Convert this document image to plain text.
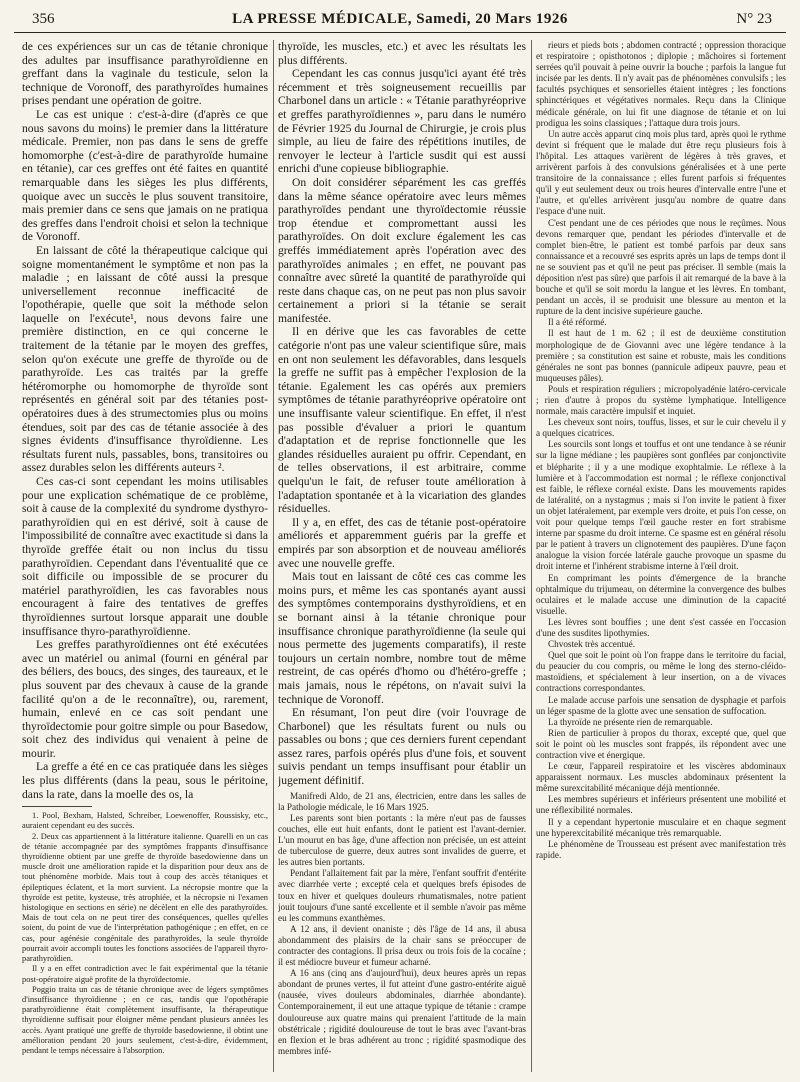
356	LA PRESSE MÉDICALE, Samedi, 20 Mars 1926	N° 23

de ces expériences sur un cas de tétanie chronique des adultes par insuffisance parathyroïdienne en greffant dans la vaginale du testicule, selon la technique de Voronoff, des parathyroïdes humaines prises pendant une opération de goitre.

Le cas est unique : c'est-à-dire (d'après ce que nous savons du moins) le premier dans la littérature médicale. Premier, non pas dans le sens de greffe homomorphe (c'est-à-dire de parathyroïde humaine en tétanie), car ces greffes ont été faites en quantité remarquable dans les sièges les plus différents, quoique avec un succès le plus souvent transitoire, mais premier dans ce sens que jamais on ne pratiqua des greffes dans l'endroit choisi et selon la technique de Voronoff.

En laissant de côté la thérapeutique calcique qui soigne momentanément le symptôme et non pas la maladie ; en laissant de côté aussi la presque universellement reconnue inefficacité de l'opothérapie, quelle que soit la méthode selon laquelle on l'exécute¹, nous devons faire une première distinction, en ce qui concerne le traitement de la tétanie par le moyen des greffes, selon qu'on exécute une greffe de thyroïde ou de parathyroïde. Les cas traités par la greffe hétéromorphe ou homomorphe de thyroïde sont représentés en général soit par des tétanies post-opératoires dues à des strumectomies plus ou moins étendues, soit par des cas de tétanie associée à des signes évidents d'insuffisance thyroïdienne. Les résultats furent nuls, passables, bons, transitoires ou assez durables selon les différents auteurs ².

Ces cas-ci sont cependant les moins utilisables pour une explication schématique de ce problème, soit à cause de la complexité du syndrome dysthyro-parathyroïdien qui en est dérivé, soit à cause de l'impossibilité de connaître avec exactitude si dans la thyroïde greffée était ou non inclus du tissu parathyroïdien. Cependant dans l'éventualité que ce soit difficile ou impossible de se procurer du matériel parathyroïdien, les cas favorables nous encouragent à faire des tentatives de greffes thyroïdiennes surtout lorsque apparait une double insuffisance thyro-parathyroïdienne.

Les greffes parathyroïdiennes ont été exécutées avec un matériel ou animal (fourni en général par des béliers, des boucs, des singes, des taureaux, et le plus souvent par des chevaux à cause de la grande facilité qu'on a de le reconnaître), ou, rarement, humain, enlevé en ce cas soit pendant une thyroïdectomie pour goitre simple ou pour Basedow, soit chez des individus qui venaient à peine de mourir.

La greffe a été en ce cas pratiquée dans les sièges les plus différents (dans la peau, sous le péritoine, dans la rate, dans la moelle des os, la

1. Pool, Bexham, Halsted, Schreiber, Loewenoffer, Roussisky, etc., auraient cependant eu des succès.

2. Deux cas appartiennent à la littérature italienne. Quarelli en un cas de tétanie accompagnée par des symptômes frappants d'insuffisance thyroïdienne obtient par une greffe de thyroïde basedowienne dans un muscle droit une amélioration rapide et la disparition pour deux ans de tout phénomène morbide. Mais tout à coup des accès tétaniques et épileptiques éclatent, et la mort survient. La nécropsie montre que la thyroïde est petite, kysteuse, très atrophiée, et la nécropsie ni l'examen histologique en sections en série) ne décèlent en elle des parathyroïdes. Mais de tout cela on ne peut tirer des conséquences, quelles qu'elles soient, du point de vue de l'interprétation pathogénique ; en effet, en ce cas, pour agénésie congénitale des parathyroïdes, la seule thyroïde pourrait avoir accompli toutes les fonctions associées de l'appareil thyro-parathyroïdien.

Il y a en effet contradiction avec le fait expérimental que la tétanie post-opératoire aiguë profite de la thyroïdectomie.

Poggio traita un cas de tétanie chronique avec de légers symptômes d'insuffisance thyroïdienne ; en ce cas, tandis que l'opothérapie parathyroïdienne était complètement insuffisante, la thérapeutique thyroïdienne suffisait pour éloigner même pendant plusieurs années les accès. Ayant pratiqué une greffe de thyroïde basedowienne, il obtint une amélioration pendant 20 jours seulement, c'est-à-dire, évidemment, pendant le temps nécessaire à l'absorption.

thyroïde, les muscles, etc.) et avec les résultats les plus différents.

Cependant les cas connus jusqu'ici ayant été très récemment et très soigneusement recueillis par Charbonel dans un article : « Tétanie parathyréoprive et greffes parathyroïdiennes », paru dans le numéro de Février 1925 du Journal de Chirurgie, je crois plus simple, au lieu de faire des répétitions inutiles, de renvoyer le lecteur à l'article susdit qui est aussi enrichi d'une copieuse bibliographie.

On doit considérer séparément les cas greffés dans la même séance opératoire avec leurs mêmes parathyroïdes pendant une thyroïdectomie réussie trop étendue et compromettant aussi les parathyroïdes. On doit exclure également les cas greffés immédiatement après l'opération avec des parathyroïdes animales ; en effet, ne pouvant pas connaître avec sûreté la quantité de parathyroïde qui reste dans chaque cas, on ne peut pas non plus savoir certainement a priori si la tétanie se serait manifestée.

Il en dérive que les cas favorables de cette catégorie n'ont pas une valeur scientifique sûre, mais en ont non seulement les défavorables, dans lesquels la greffe ne suffit pas à empêcher l'explosion de la tétanie. Egalement les cas opérés aux premiers symptômes de tétanie parathyréoprive opératoire ont une insuffisante valeur scientifique. En effet, il n'est pas possible d'évaluer a priori le quantum d'adaptation et de reprise fonctionnelle que les glandes résiduelles auraient pu offrir. Cependant, en de telles observations, il est arbitraire, comme quelqu'un le fait, de refuser toute amélioration à l'adaptation spontanée et à la vicariation des glandes résiduelles.

Il y a, en effet, des cas de tétanie post-opératoire améliorés et apparemment guéris par la greffe et empirés par son absorption et de nouveau améliorés avec une nouvelle greffe.

Mais tout en laissant de côté ces cas comme les moins purs, et même les cas spontanés ayant aussi des symptômes contemporains dysthyroïdiens, et en se bornant ainsi à la tétanie chronique pour insuffisance chronique parathyroïdienne (la seule qui nous permette des jugements comparatifs), il reste toujours un certain nombre, nombre tout de même restreint, de cas opérés d'homo ou d'hétéro-greffe ; mais jamais, nous le répétons, on n'avait suivi la technique de Voronoff.

En résumant, l'on peut dire (voir l'ouvrage de Charbonel) que les résultats furent ou nuls ou passables ou bons ; que ces derniers furent cependant assez rares, parfois opérés plus d'une fois, et souvent suivis pendant un temps insuffisant pour établir un jugement définitif.

Manifredi Aldo, de 21 ans, électricien, entre dans les salles de la Pathologie médicale, le 16 Mars 1925.

Les parents sont bien portants : la mère n'eut pas de fausses couches, elle eut huit enfants, dont le patient est l'avant-dernier. L'un mourut en bas âge, d'une affection non précisée, un est atteint de tuberculose de guerre, deux autres sont invalides de guerre, et les autres bien portants.

Pendant l'allaitement fait par la mère, l'enfant souffrit d'entérite avec diarrhée verte ; excepté cela et quelques brefs épisodes de toux en hiver et quelques douleurs rhumatismales, notre patient jouit toujours d'une santé excellente et il semble n'avoir pas même eu les communs exanthèmes.

A 12 ans, il devient onaniste ; dès l'âge de 14 ans, il abusa abondamment des plaisirs de la chair sans se préoccuper de contracter des contagions. Il prisa deux ou trois fois de la cocaïne ; il est médiocre buveur et fumeur acharné.

A 16 ans (cinq ans d'aujourd'hui), deux heures après un repas abondant de prunes vertes, il fut atteint d'une gastro-entérite aiguë (nausée, vives douleurs abdominales, diarrhée abondante). Contemporainement, il eut une attaque typique de tétanie : crampe douloureuse aux quatre mains qui prenaient l'attitude de la main obstétricale ; rigidité douloureuse de tout le bras avec l'avant-bras en flexion et le bras adhérent au tronc ; rigidité spasmodique des membres infé-

rieurs et pieds bots ; abdomen contracté ; oppression thoracique et respiratoire ; opisthotonos ; diplopie ; mâchoires si fortement serrées qu'il pouvait à peine ouvrir la bouche ; parfois la langue fut incisée par les dents. Il n'y avait pas de phénomènes convulsifs ; les facultés psychiques et sensorielles étaient intègres ; les fonctions sphinctériques et végétatives normales. Reçu dans la Clinique médicale générale, on lui fit une diagnose de tétanie et on lui prodigua les soins classiques ; l'attaque dura trois jours.

Un autre accès apparut cinq mois plus tard, après quoi le rythme devint si fréquent que le malade dut être reçu plusieurs fois à l'hôpital. Les attaques varièrent de légères à très graves, et arrivèrent parfois à des convulsions généralisées et à une perte transitoire de la connaissance ; elles furent parfois si fréquentes qu'il y eut seulement deux ou trois heures d'intervalle entre l'une et l'autre, et qu'elles arrivèrent jusqu'au nombre de quatre dans l'espace d'une nuit.

C'est pendant une de ces périodes que nous le reçûmes. Nous devons remarquer que, pendant les périodes d'intervalle et de complet bien-être, le patient est tombé parfois par deux sans connaissance et a recouvré ses esprits après un laps de temps dont il ne se souvient pas et qu'il ne peut pas préciser. Il semble (mais la déposition n'est pas sûre) que parfois il ait remarqué de la bave à la bouche et qu'il se soit mordu la langue et les lèvres. En tombant, pendant un accès, il se produisit une blessure au menton et la rupture de la dent incisive supérieure gauche.

Il a été réformé.

Il est haut de 1 m. 62 ; il est de deuxième constitution morphologique de de Giovanni avec une légère tendance à la première ; sa constitution est saine et robuste, mais les conditions générales ne sont pas bonnes (pannicule adipeux pauvre, peau et muqueuses pâles).

Pouls et respiration réguliers ; micropolyadénie latéro-cervicale ; rien d'autre à propos du système lymphatique. Intelligence normale, mais caractère impulsif et inquiet.

Les cheveux sont noirs, touffus, lisses, et sur le cuir chevelu il y a quelques cicatrices.

Les sourcils sont longs et touffus et ont une tendance à se réunir sur la ligne médiane ; les paupières sont gonflées par conjonctivite et blépharite ; il y a une modique exophtalmie. Le réflexe à la lumière et à l'accommodation est normal ; le réflexe conjonctival est faible, le réflexe cornéal existe. Dans les mouvements rapides de latéralité, on a nystagmus ; mais si l'on invite le patient à fixer un objet latéralement, par exemple vers droite, et puis l'on cesse, on voit pour quelque temps l'œil gauche rester en fort strabisme interne par spasme du droit interne. Ce spasme est en général résolu par le patient à travers un clignotement des paupières. D'une façon analogue la vision forcée latérale gauche provoque un spasme du droit interne et l'inhérent strabisme interne à l'œil droit.

En comprimant les points d'émergence de la branche ophtalmique du trijumeau, on détermine la convergence des bulbes oculaires et le malade accuse une diminution de la capacité visuelle.

Les lèvres sont bouffies ; une dent s'est cassée en l'occasion d'une des susdites lipothymies.

Chvostek très accentué.

Quel que soit le point où l'on frappe dans le territoire du facial, du peaucier du cou compris, ou même le long des sterno-cléido-mastoïdiens, et spécialement à leur insertion, on a de vivaces contractions correspondantes.

Le malade accuse parfois une sensation de dysphagie et parfois un léger spasme de la glotte avec une sensation de suffocation.

La thyroïde ne présente rien de remarquable.

Rien de particulier à propos du thorax, excepté que, quel que soit le point où les muscles sont frappés, ils répondent avec une contraction vive et énergique.

Le cœur, l'appareil respiratoire et les viscères abdominaux apparaissent normaux. Les muscles abdominaux présentent la même surexcitabilité mécanique déjà mentionnée.

Les membres supérieurs et inférieurs présentent une mobilité et une réflexibilité normales.

Il y a cependant hypertonie musculaire et en chaque segment une hyperexcitabilité mécanique très remarquable.

Le phénomène de Trousseau est présent avec manifestation très rapide.
